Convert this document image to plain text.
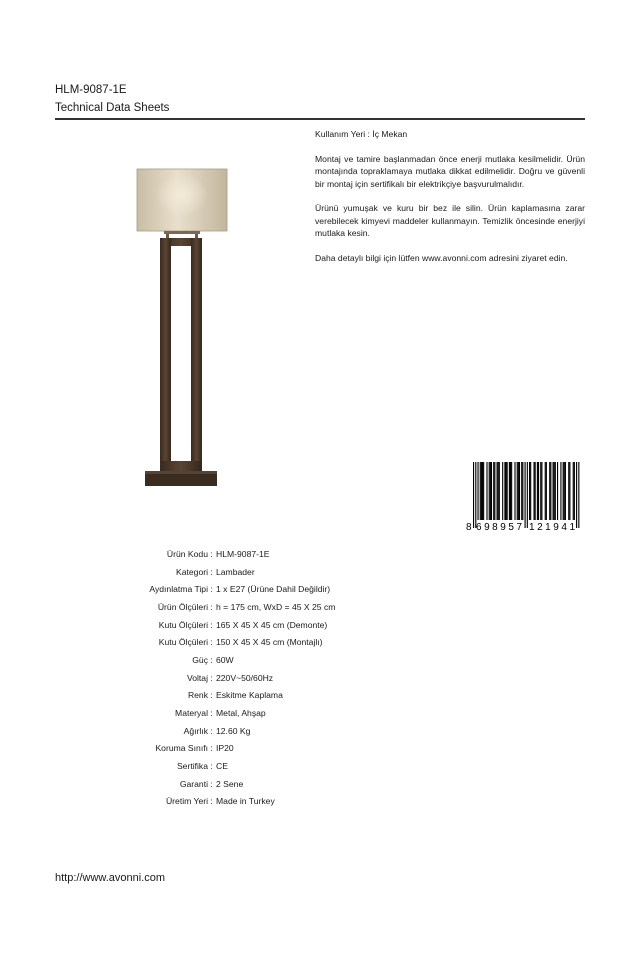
HLM-9087-1E
Technical Data Sheets

Kullanım Yeri : İç Mekan

Montaj ve tamire başlanmadan önce enerji mutlaka kesilmelidir. Ürün montajında topraklamaya mutlaka dikkat edilmelidir. Doğru ve güvenli bir montaj için sertifikalı bir elektrikçiye başvurulmalıdır.

Ürünü yumuşak ve kuru bir bez ile silin. Ürün kaplamasına zarar verebilecek kimyevi maddeler kullanmayın. Temizlik öncesinde enerjiyi mutlaka kesin.

Daha detaylı bilgi için lütfen www.avonni.com adresini ziyaret edin.

8 698957 121941
Ürün Kodu : HLM-9087-1E
Kategori : Lambader
Aydınlatma Tipi : 1 x E27 (Ürüne Dahil Değildir)
Ürün Ölçüleri : h = 175 cm, WxD = 45 X 25 cm
Kutu Ölçüleri : 165 X 45 X 45 cm (Demonte)
Kutu Ölçüleri : 150 X 45 X 45 cm (Montajlı)
Güç : 60W
Voltaj : 220V~50/60Hz
Renk : Eskitme Kaplama
Materyal : Metal, Ahşap
Ağırlık : 12.60 Kg
Koruma Sınıfı : IP20
Sertifika : CE
Garanti : 2 Sene
Üretim Yeri : Made in Turkey
http://www.avonni.com
